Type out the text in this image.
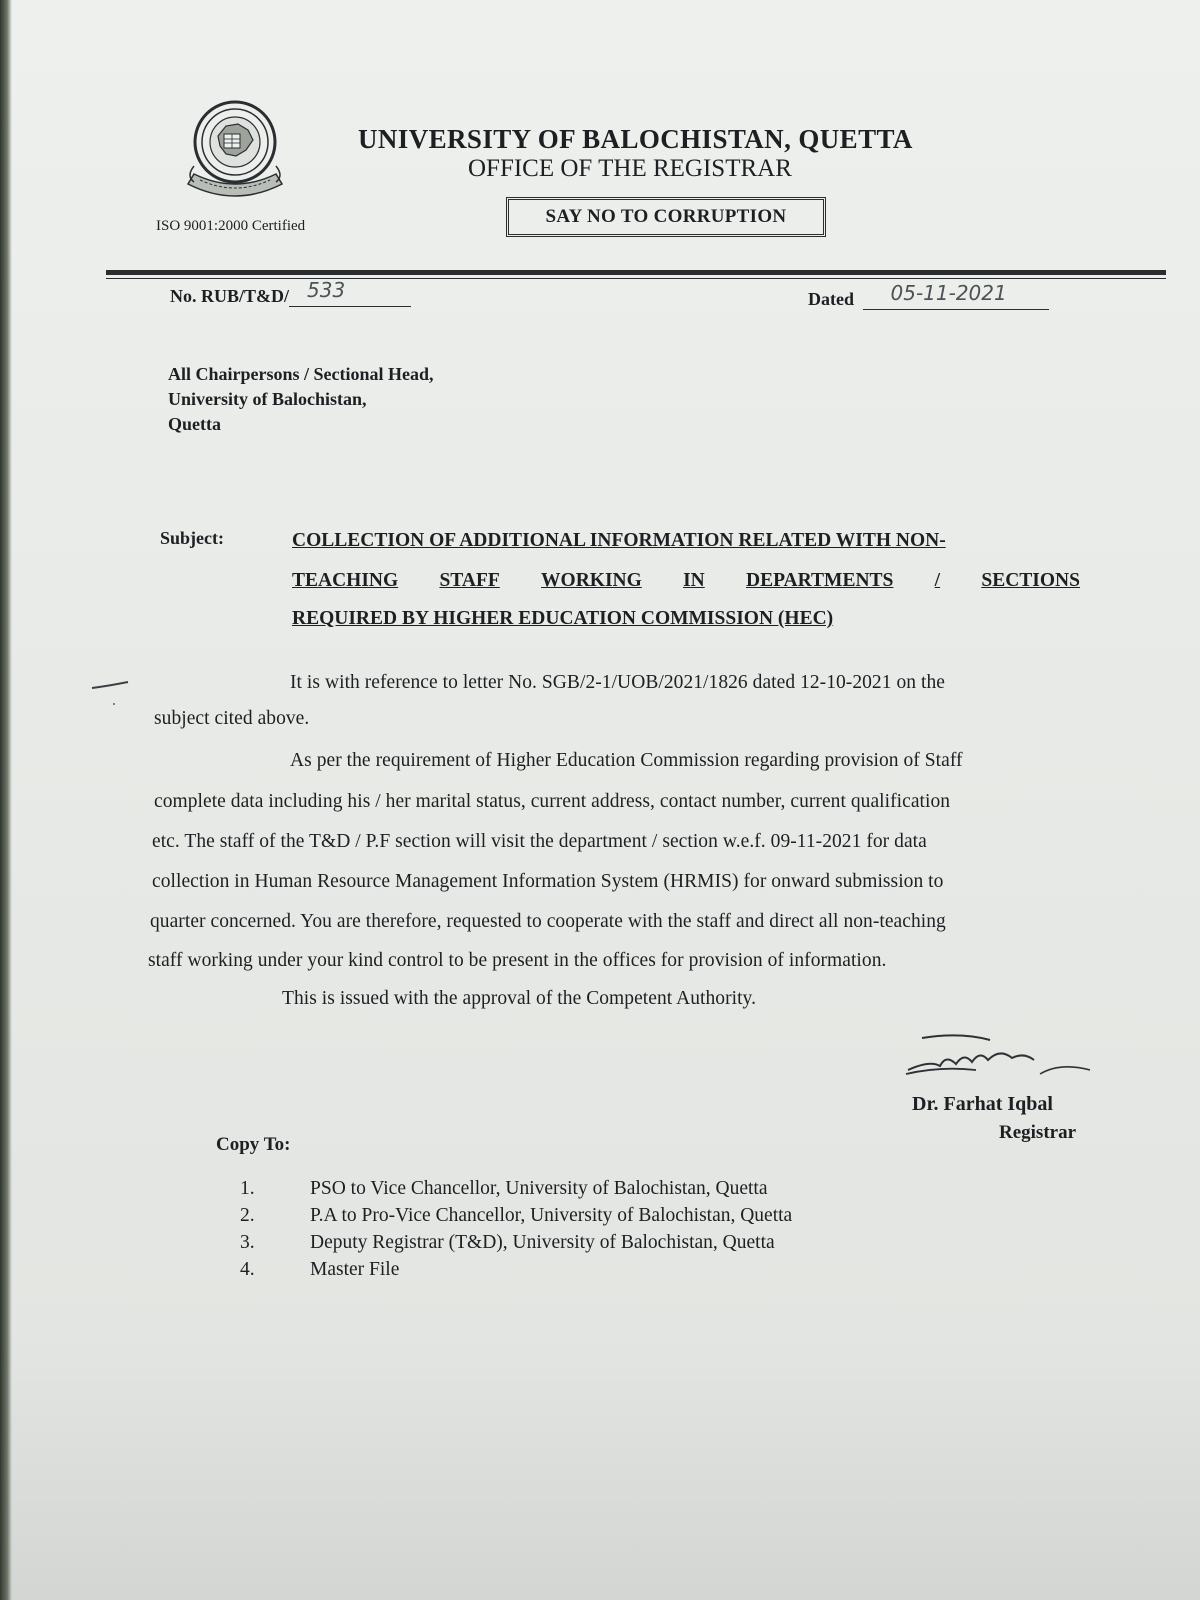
UNIVERSITY OF BALOCHISTAN, QUETTA
OFFICE OF THE REGISTRAR
SAY NO TO CORRUPTION
ISO 9001:2000 Certified
No. RUB/T&D/ 533	Dated 05-11-2021
All Chairpersons / Sectional Head,
University of Balochistan,
Quetta
Subject:	COLLECTION OF ADDITIONAL INFORMATION RELATED WITH NON-
TEACHING STAFF WORKING IN DEPARTMENTS / SECTIONS
REQUIRED BY HIGHER EDUCATION COMMISSION (HEC)
It is with reference to letter No. SGB/2-1/UOB/2021/1826 dated 12-10-2021 on the
subject cited above.
As per the requirement of Higher Education Commission regarding provision of Staff
complete data including his / her marital status, current address, contact number, current qualification
etc. The staff of the T&D / P.F section will visit the department / section w.e.f. 09-11-2021 for data
collection in Human Resource Management Information System (HRMIS) for onward submission to
quarter concerned. You are therefore, requested to cooperate with the staff and direct all non-teaching
staff working under your kind control to be present in the offices for provision of information.
This is issued with the approval of the Competent Authority.
Dr. Farhat Iqbal
Registrar
Copy To:
1.	PSO to Vice Chancellor, University of Balochistan, Quetta
2.	P.A to Pro-Vice Chancellor, University of Balochistan, Quetta
3.	Deputy Registrar (T&D), University of Balochistan, Quetta
4.	Master File
